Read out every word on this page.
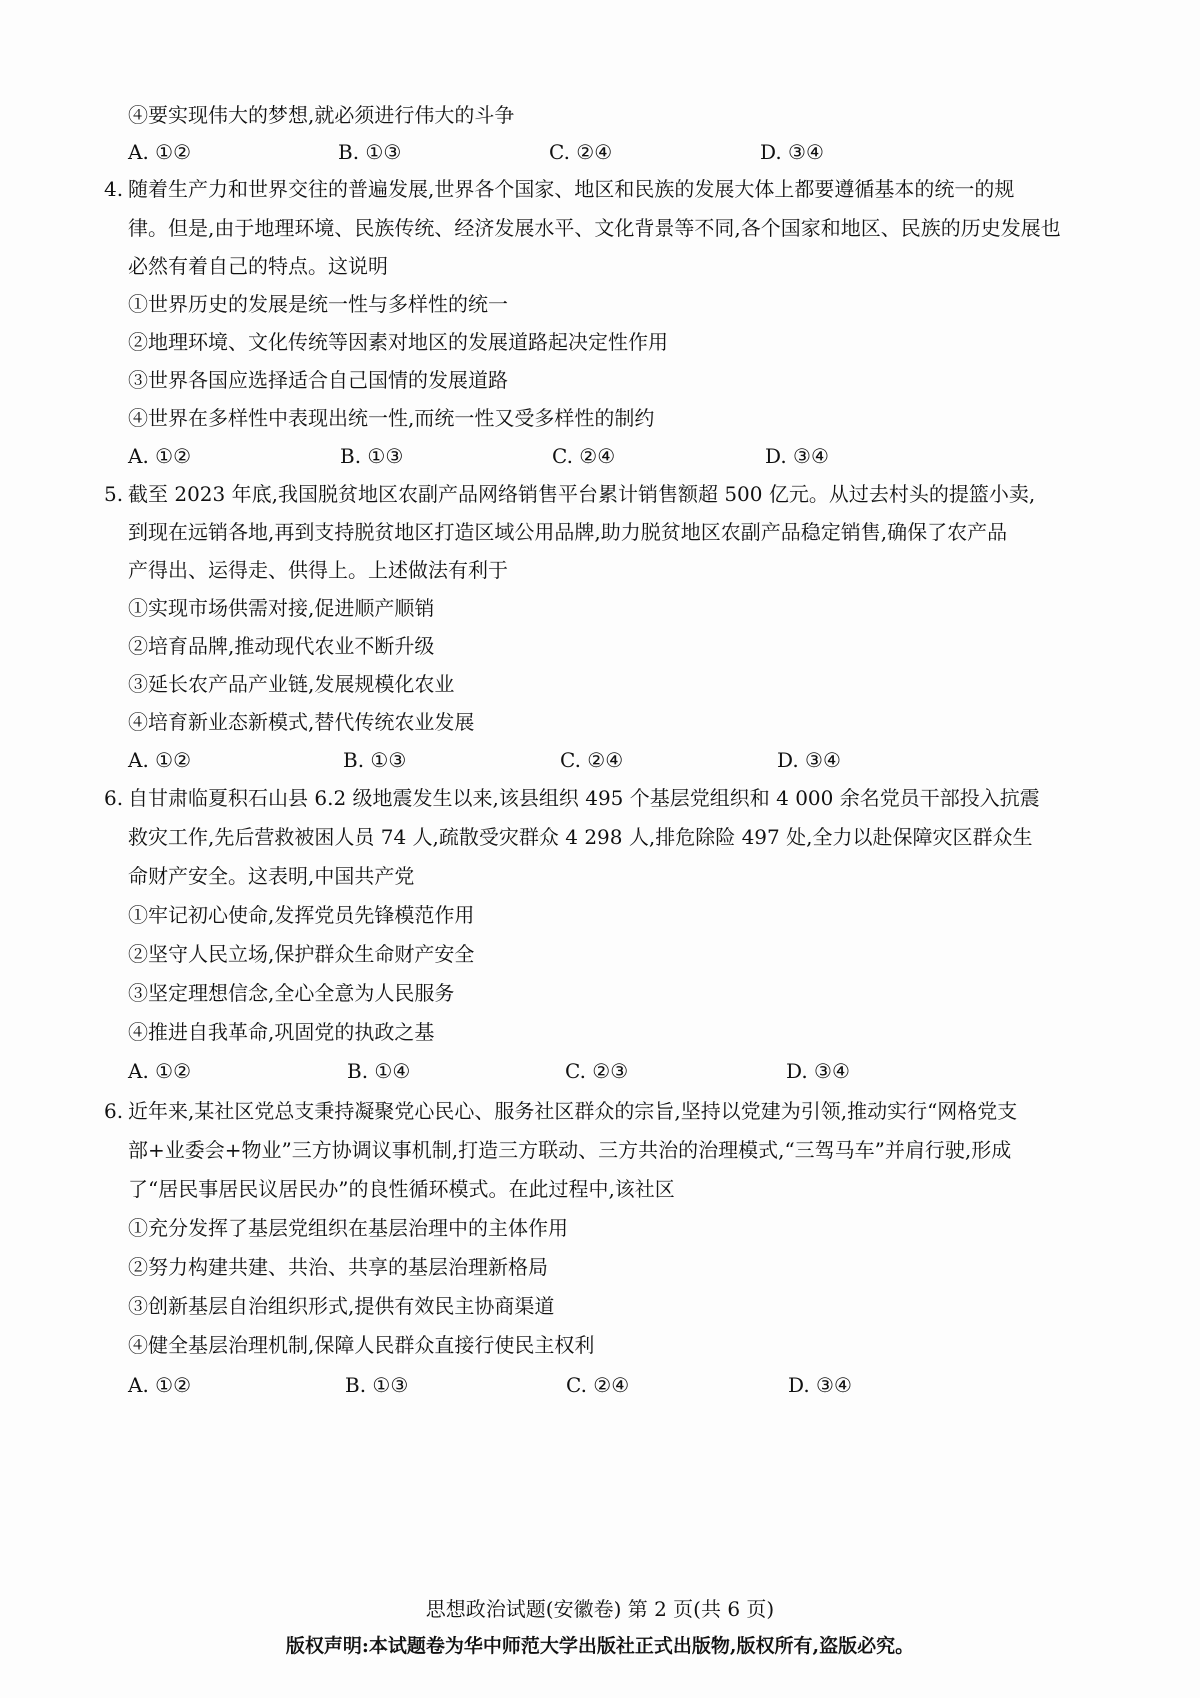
④要实现伟大的梦想,就必须进行伟大的斗争
A. ①②	B. ①③	C. ②④	D. ③④
4. 随着生产力和世界交往的普遍发展,世界各个国家、地区和民族的发展大体上都要遵循基本的统一的规
律。但是,由于地理环境、民族传统、经济发展水平、文化背景等不同,各个国家和地区、民族的历史发展也
必然有着自己的特点。这说明
①世界历史的发展是统一性与多样性的统一
②地理环境、文化传统等因素对地区的发展道路起决定性作用
③世界各国应选择适合自己国情的发展道路
④世界在多样性中表现出统一性,而统一性又受多样性的制约
A. ①②	B. ①③	C. ②④	D. ③④
5. 截至 2023 年底,我国脱贫地区农副产品网络销售平台累计销售额超 500 亿元。从过去村头的提篮小卖,
到现在远销各地,再到支持脱贫地区打造区域公用品牌,助力脱贫地区农副产品稳定销售,确保了农产品
产得出、运得走、供得上。上述做法有利于
①实现市场供需对接,促进顺产顺销
②培育品牌,推动现代农业不断升级
③延长农产品产业链,发展规模化农业
④培育新业态新模式,替代传统农业发展
A. ①②	B. ①③	C. ②④	D. ③④
6. 自甘肃临夏积石山县 6.2 级地震发生以来,该县组织 495 个基层党组织和 4 000 余名党员干部投入抗震
救灾工作,先后营救被困人员 74 人,疏散受灾群众 4 298 人,排危除险 497 处,全力以赴保障灾区群众生
命财产安全。这表明,中国共产党
①牢记初心使命,发挥党员先锋模范作用
②坚守人民立场,保护群众生命财产安全
③坚定理想信念,全心全意为人民服务
④推进自我革命,巩固党的执政之基
A. ①②	B. ①④	C. ②③	D. ③④
6. 近年来,某社区党总支秉持凝聚党心民心、服务社区群众的宗旨,坚持以党建为引领,推动实行“网格党支
部+业委会+物业”三方协调议事机制,打造三方联动、三方共治的治理模式,“三驾马车”并肩行驶,形成
了“居民事居民议居民办”的良性循环模式。在此过程中,该社区
①充分发挥了基层党组织在基层治理中的主体作用
②努力构建共建、共治、共享的基层治理新格局
③创新基层自治组织形式,提供有效民主协商渠道
④健全基层治理机制,保障人民群众直接行使民主权利
A. ①②	B. ①③	C. ②④	D. ③④
思想政治试题(安徽卷) 第 2 页(共 6 页)
版权声明:本试题卷为华中师范大学出版社正式出版物,版权所有,盗版必究。
